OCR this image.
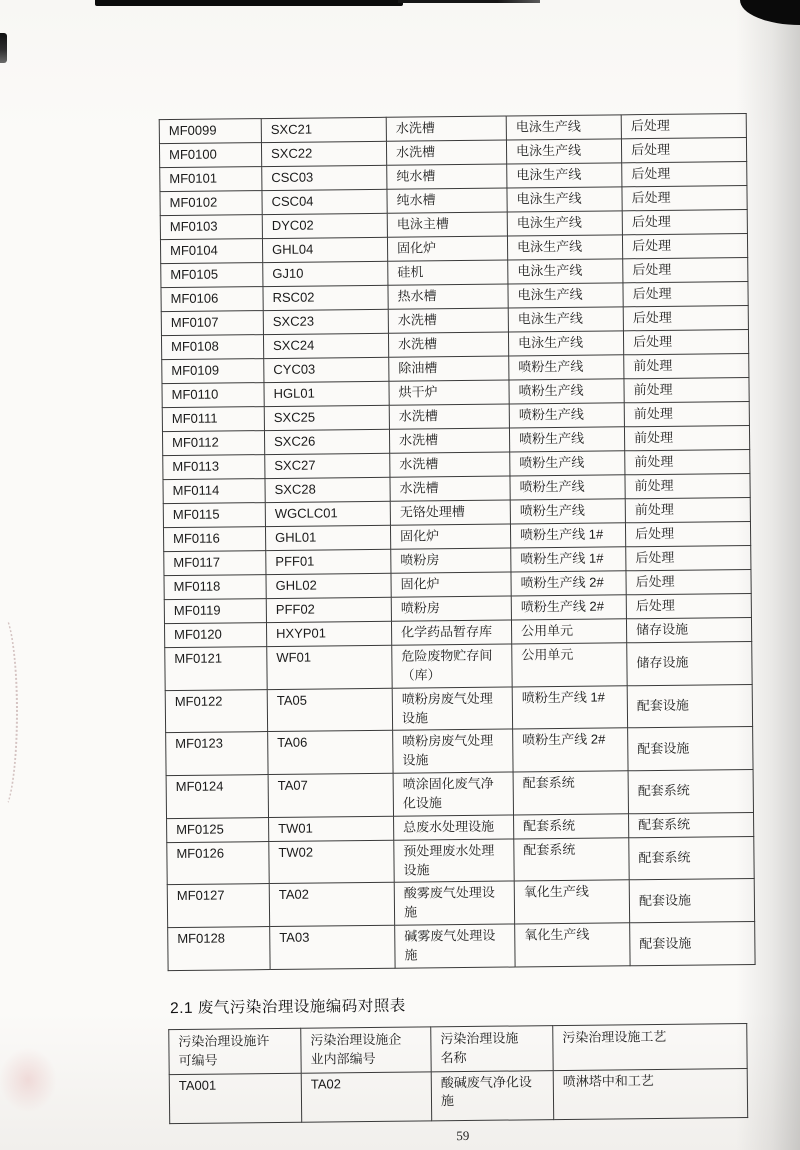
MF0099	SXC21	水洗槽	电泳生产线	后处理
MF0100	SXC22	水洗槽	电泳生产线	后处理
MF0101	CSC03	纯水槽	电泳生产线	后处理
MF0102	CSC04	纯水槽	电泳生产线	后处理
MF0103	DYC02	电泳主槽	电泳生产线	后处理
MF0104	GHL04	固化炉	电泳生产线	后处理
MF0105	GJ10	硅机	电泳生产线	后处理
MF0106	RSC02	热水槽	电泳生产线	后处理
MF0107	SXC23	水洗槽	电泳生产线	后处理
MF0108	SXC24	水洗槽	电泳生产线	后处理
MF0109	CYC03	除油槽	喷粉生产线	前处理
MF0110	HGL01	烘干炉	喷粉生产线	前处理
MF0111	SXC25	水洗槽	喷粉生产线	前处理
MF0112	SXC26	水洗槽	喷粉生产线	前处理
MF0113	SXC27	水洗槽	喷粉生产线	前处理
MF0114	SXC28	水洗槽	喷粉生产线	前处理
MF0115	WGCLC01	无铬处理槽	喷粉生产线	前处理
MF0116	GHL01	固化炉	喷粉生产线 1#	后处理
MF0117	PFF01	喷粉房	喷粉生产线 1#	后处理
MF0118	GHL02	固化炉	喷粉生产线 2#	后处理
MF0119	PFF02	喷粉房	喷粉生产线 2#	后处理
MF0120	HXYP01	化学药品暂存库	公用单元	储存设施
MF0121	WF01	危险废物贮存间（库）	公用单元	储存设施
MF0122	TA05	喷粉房废气处理设施	喷粉生产线 1#	配套设施
MF0123	TA06	喷粉房废气处理设施	喷粉生产线 2#	配套设施
MF0124	TA07	喷涂固化废气净化设施	配套系统	配套系统
MF0125	TW01	总废水处理设施	配套系统	配套系统
MF0126	TW02	预处理废水处理设施	配套系统	配套系统
MF0127	TA02	酸雾废气处理设施	氧化生产线	配套设施
MF0128	TA03	碱雾废气处理设施	氧化生产线	配套设施
2.1 废气污染治理设施编码对照表
污染治理设施许可编号	污染治理设施企业内部编号	污染治理设施名称	污染治理设施工艺
TA001	TA02	酸碱废气净化设施	喷淋塔中和工艺
59
